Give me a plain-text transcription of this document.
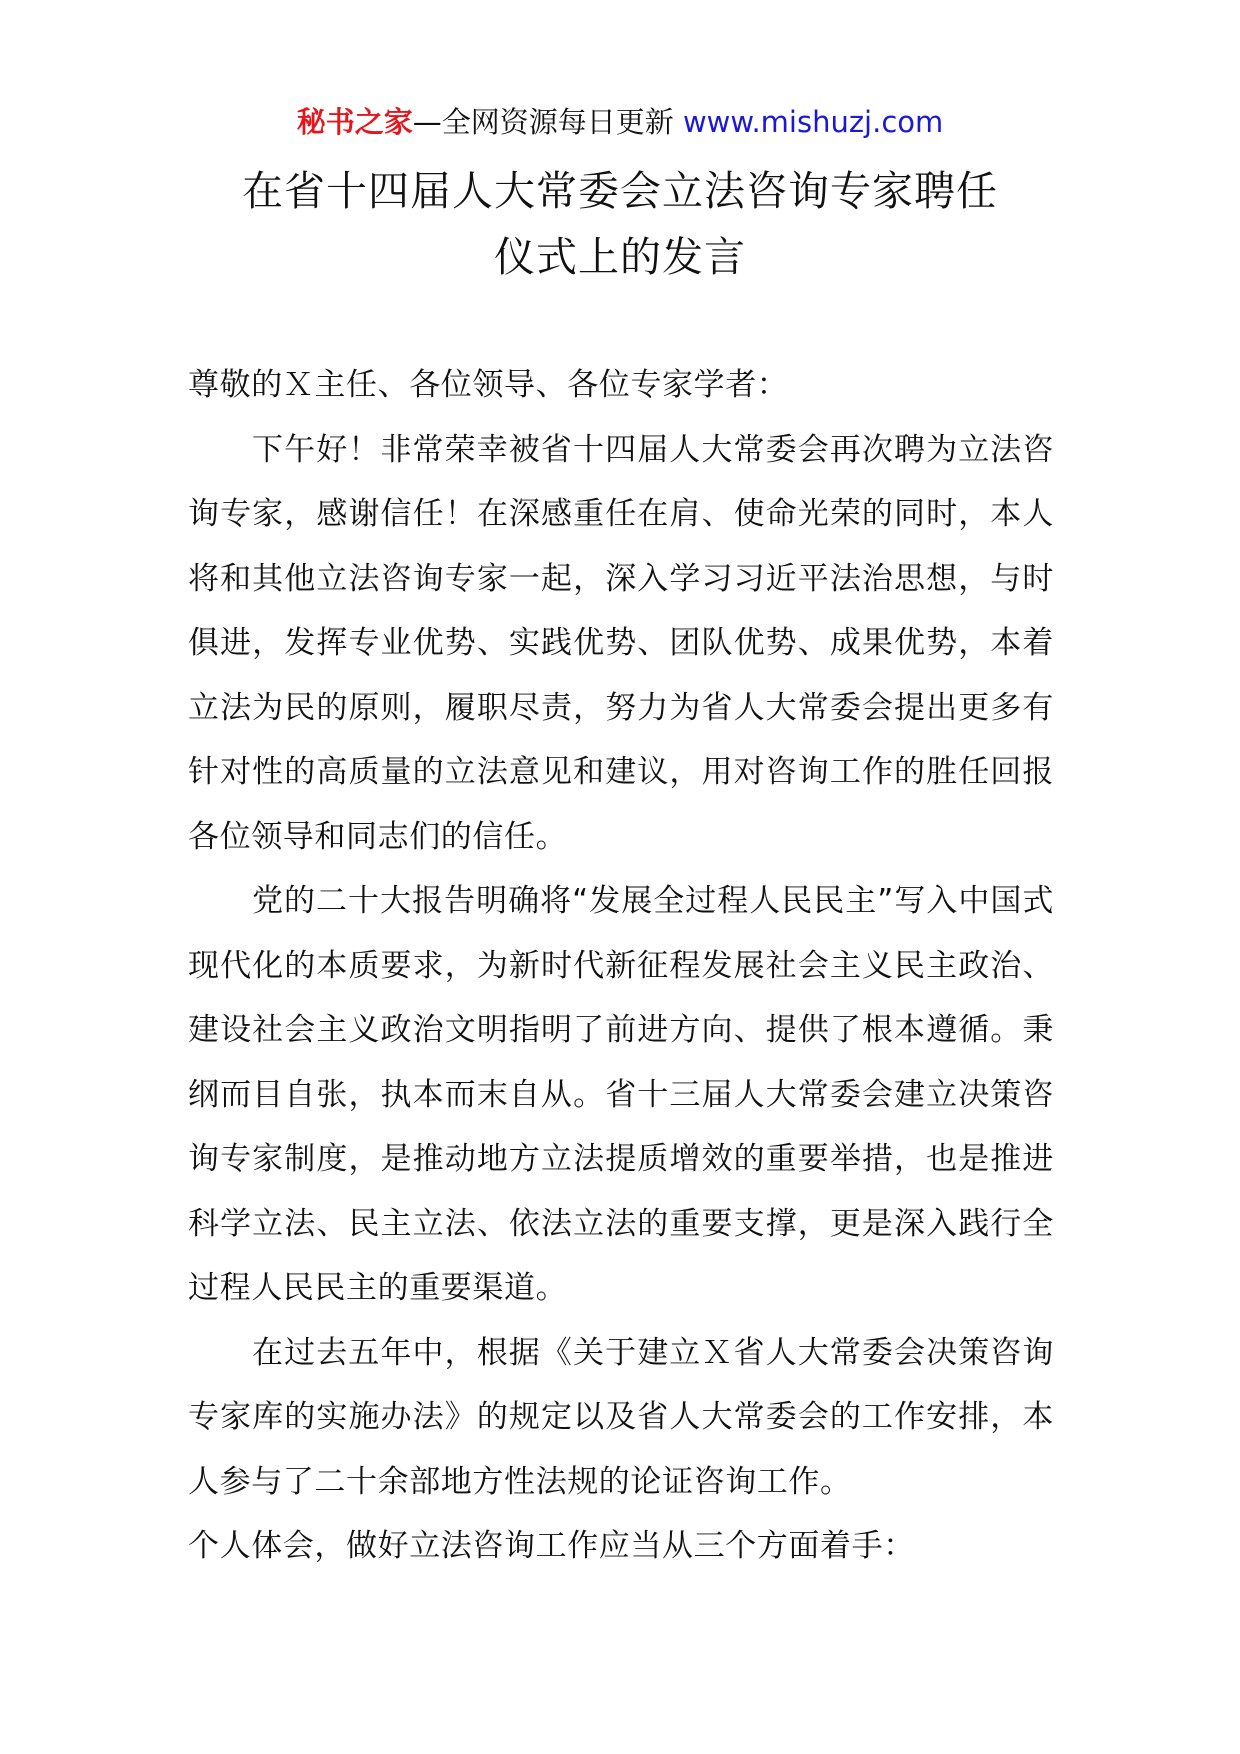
秘书之家—全网资源每日更新 www.mishuzj.com
在省十四届人大常委会立法咨询专家聘任
仪式上的发言

尊敬的Ｘ主任、各位领导、各位专家学者：

下午好！非常荣幸被省十四届人大常委会再次聘为立法咨询专家，感谢信任！在深感重任在肩、使命光荣的同时，本人将和其他立法咨询专家一起，深入学习习近平法治思想，与时俱进，发挥专业优势、实践优势、团队优势、成果优势，本着立法为民的原则，履职尽责，努力为省人大常委会提出更多有针对性的高质量的立法意见和建议，用对咨询工作的胜任回报各位领导和同志们的信任。

党的二十大报告明确将“发展全过程人民民主”写入中国式现代化的本质要求，为新时代新征程发展社会主义民主政治、建设社会主义政治文明指明了前进方向、提供了根本遵循。秉纲而目自张，执本而末自从。省十三届人大常委会建立决策咨询专家制度，是推动地方立法提质增效的重要举措，也是推进科学立法、民主立法、依法立法的重要支撑，更是深入践行全过程人民民主的重要渠道。

在过去五年中，根据《关于建立Ｘ省人大常委会决策咨询专家库的实施办法》的规定以及省人大常委会的工作安排，本人参与了二十余部地方性法规的论证咨询工作。

个人体会，做好立法咨询工作应当从三个方面着手：
